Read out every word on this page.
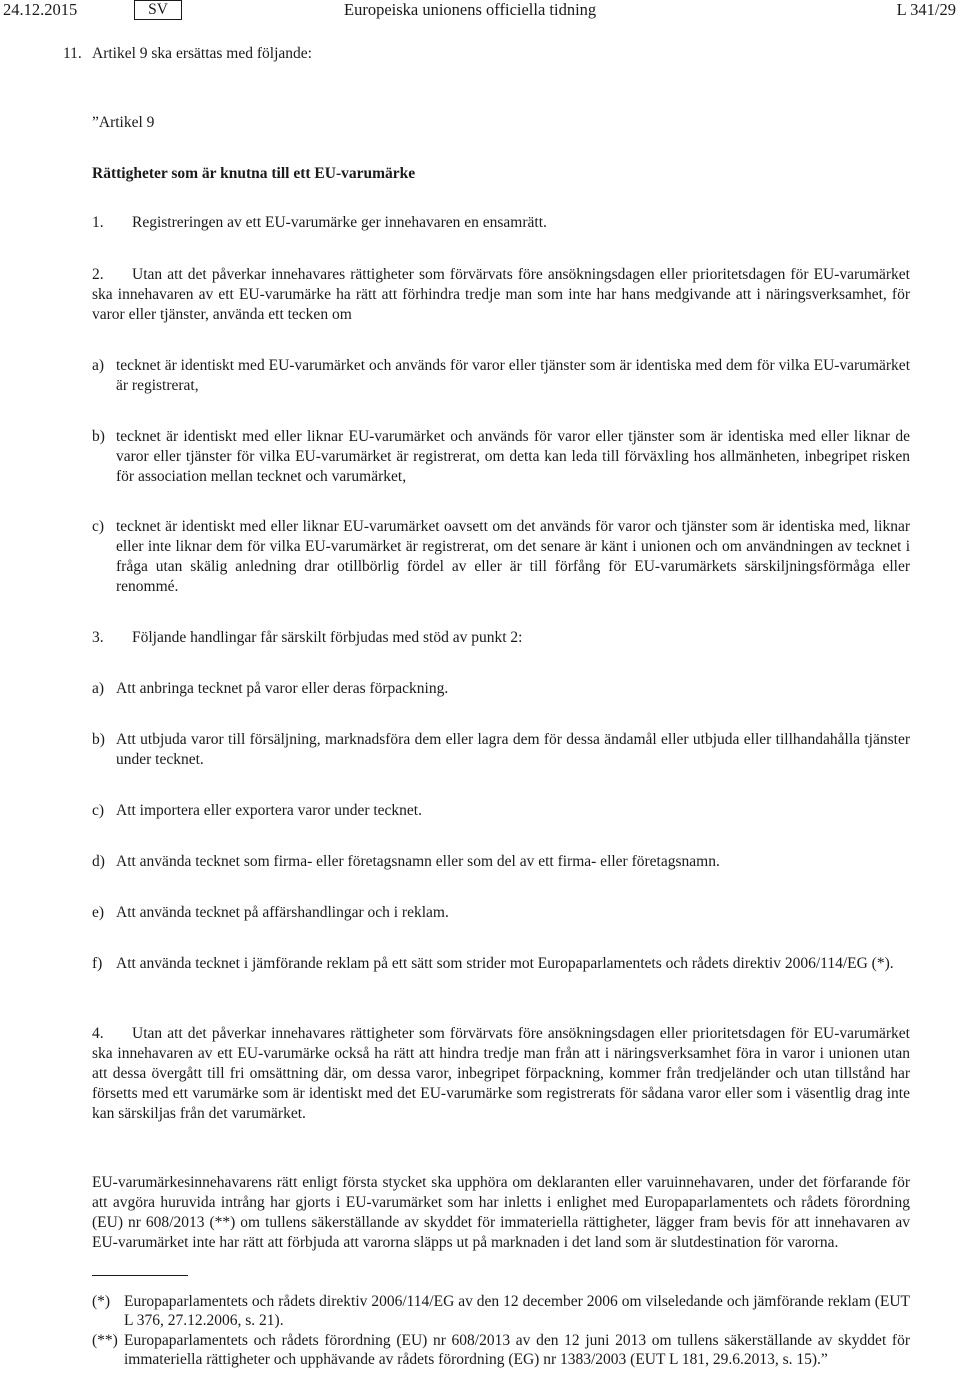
24.12.2015	SV	Europeiska unionens officiella tidning	L 341/29
11. Artikel 9 ska ersättas med följande:
”Artikel 9
Rättigheter som är knutna till ett EU-varumärke

1. Registreringen av ett EU-varumärke ger innehavaren en ensamrätt.

2. Utan att det påverkar innehavares rättigheter som förvärvats före ansökningsdagen eller prioritetsdagen för EU-varumärket ska innehavaren av ett EU-varumärke ha rätt att förhindra tredje man som inte har hans medgivande att i näringsverksamhet, för varor eller tjänster, använda ett tecken om

a) tecknet är identiskt med EU-varumärket och används för varor eller tjänster som är identiska med dem för vilka EU-varumärket är registrerat,
b) tecknet är identiskt med eller liknar EU-varumärket och används för varor eller tjänster som är identiska med eller liknar de varor eller tjänster för vilka EU-varumärket är registrerat, om detta kan leda till förväxling hos allmänheten, inbegripet risken för association mellan tecknet och varumärket,
c) tecknet är identiskt med eller liknar EU-varumärket oavsett om det används för varor och tjänster som är identiska med, liknar eller inte liknar dem för vilka EU-varumärket är registrerat, om det senare är känt i unionen och om användningen av tecknet i fråga utan skälig anledning drar otillbörlig fördel av eller är till förfång för EU-varumärkets särskiljningsförmåga eller renommé.

3. Följande handlingar får särskilt förbjudas med stöd av punkt 2:

a) Att anbringa tecknet på varor eller deras förpackning.
b) Att utbjuda varor till försäljning, marknadsföra dem eller lagra dem för dessa ändamål eller utbjuda eller tillhandahålla tjänster under tecknet.
c) Att importera eller exportera varor under tecknet.
d) Att använda tecknet som firma- eller företagsnamn eller som del av ett firma- eller företagsnamn.
e) Att använda tecknet på affärshandlingar och i reklam.
f) Att använda tecknet i jämförande reklam på ett sätt som strider mot Europaparlamentets och rådets direktiv 2006/114/EG (*).

4. Utan att det påverkar innehavares rättigheter som förvärvats före ansökningsdagen eller prioritetsdagen för EU-varumärket ska innehavaren av ett EU-varumärke också ha rätt att hindra tredje man från att i näringsverksamhet föra in varor i unionen utan att dessa övergått till fri omsättning där, om dessa varor, inbegripet förpackning, kommer från tredjeländer och utan tillstånd har försetts med ett varumärke som är identiskt med det EU-varumärke som registrerats för sådana varor eller som i väsentlig drag inte kan särskiljas från det varumärket.

EU-varumärkesinnehavarens rätt enligt första stycket ska upphöra om deklaranten eller varuinnehavaren, under det förfarande för att avgöra huruvida intrång har gjorts i EU-varumärket som har inletts i enlighet med Europaparlamentets och rådets förordning (EU) nr 608/2013 (**) om tullens säkerställande av skyddet för immateriella rättigheter, lägger fram bevis för att innehavaren av EU-varumärket inte har rätt att förbjuda att varorna släpps ut på marknaden i det land som är slutdestination för varorna.

(*) Europaparlamentets och rådets direktiv 2006/114/EG av den 12 december 2006 om vilseledande och jämförande reklam (EUT L 376, 27.12.2006, s. 21).
(**) Europaparlamentets och rådets förordning (EU) nr 608/2013 av den 12 juni 2013 om tullens säkerställande av skyddet för immateriella rättigheter och upphävande av rådets förordning (EG) nr 1383/2003 (EUT L 181, 29.6.2013, s. 15).”
